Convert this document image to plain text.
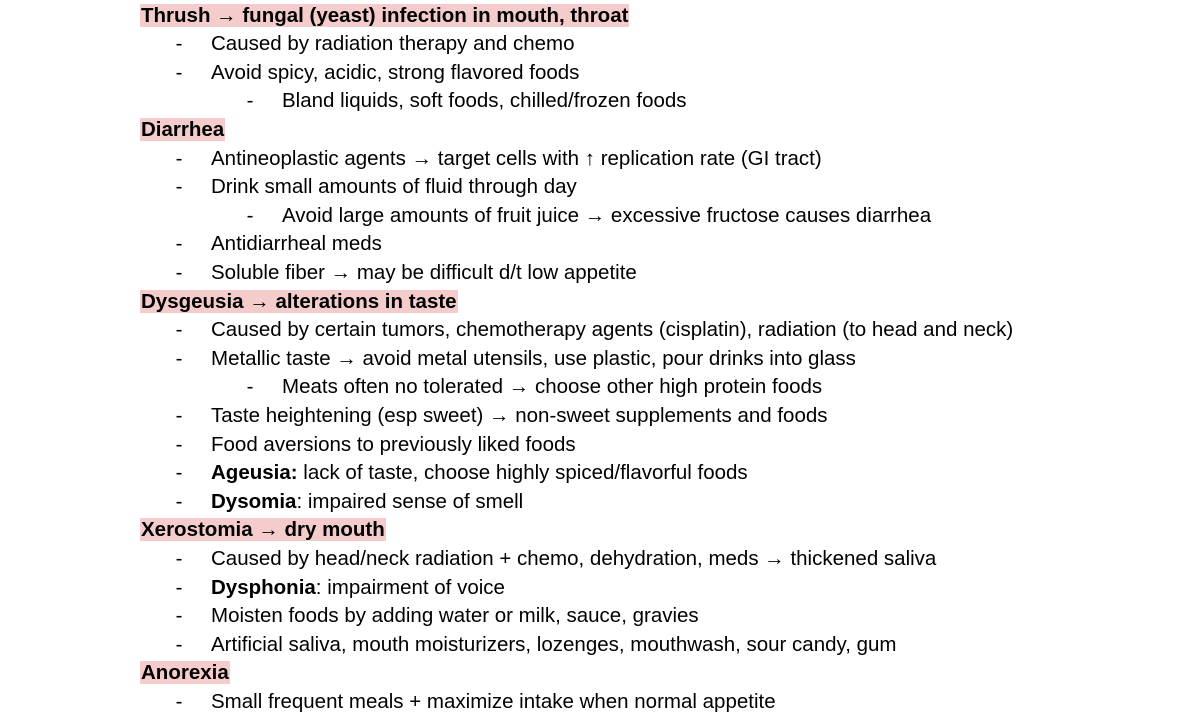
Thrush → fungal (yeast) infection in mouth, throat
- Caused by radiation therapy and chemo
- Avoid spicy, acidic, strong flavored foods
- Bland liquids, soft foods, chilled/frozen foods
Diarrhea
- Antineoplastic agents → target cells with ↑ replication rate (GI tract)
- Drink small amounts of fluid through day
- Avoid large amounts of fruit juice → excessive fructose causes diarrhea
- Antidiarrheal meds
- Soluble fiber → may be difficult d/t low appetite
Dysgeusia → alterations in taste
- Caused by certain tumors, chemotherapy agents (cisplatin), radiation (to head and neck)
- Metallic taste → avoid metal utensils, use plastic, pour drinks into glass
- Meats often no tolerated → choose other high protein foods
- Taste heightening (esp sweet) → non-sweet supplements and foods
- Food aversions to previously liked foods
- Ageusia: lack of taste, choose highly spiced/flavorful foods
- Dysomia: impaired sense of smell
Xerostomia → dry mouth
- Caused by head/neck radiation + chemo, dehydration, meds → thickened saliva
- Dysphonia: impairment of voice
- Moisten foods by adding water or milk, sauce, gravies
- Artificial saliva, mouth moisturizers, lozenges, mouthwash, sour candy, gum
Anorexia
- Small frequent meals + maximize intake when normal appetite
